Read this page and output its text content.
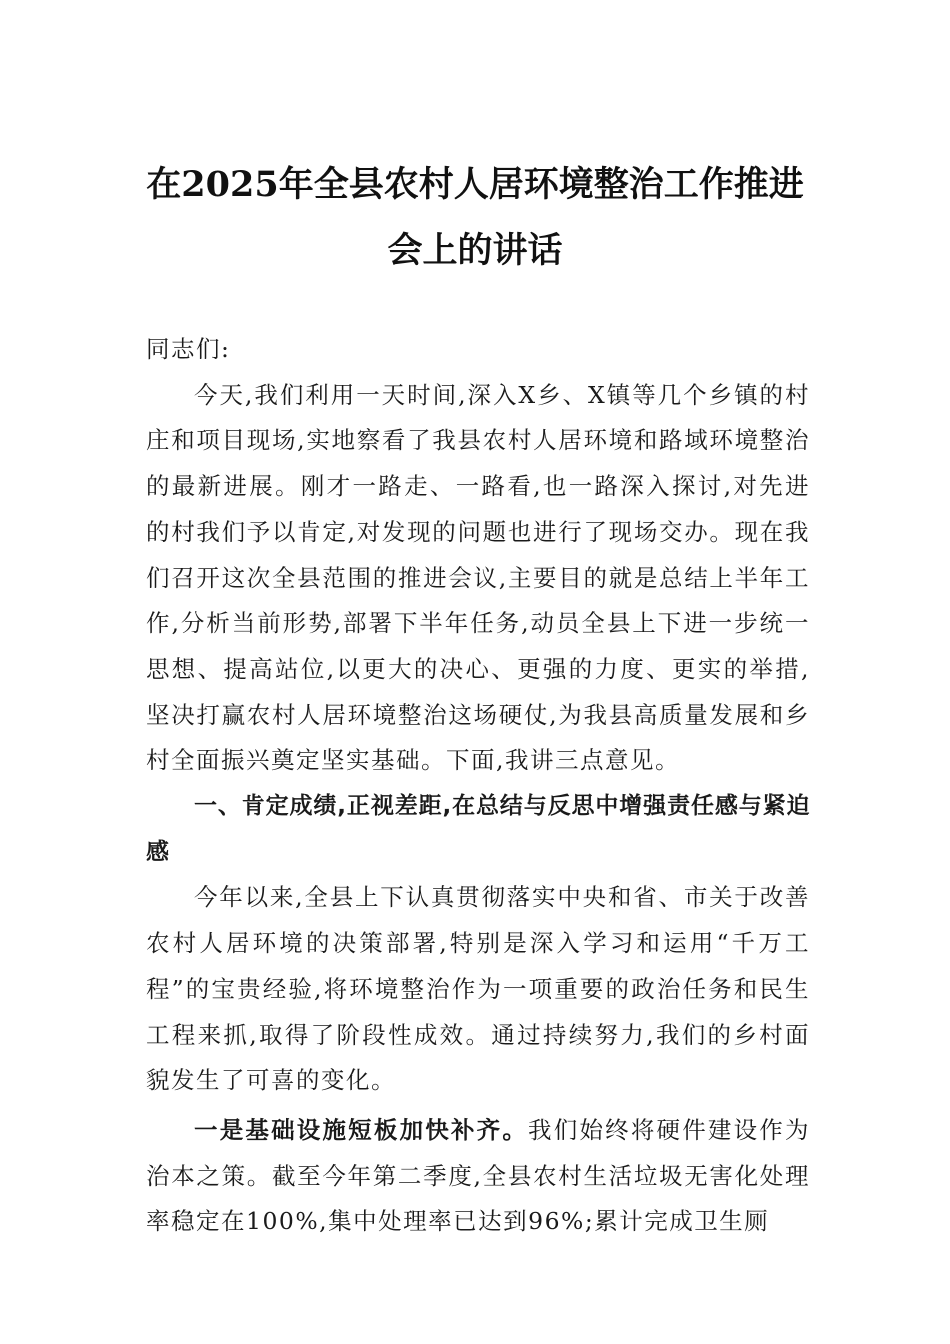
在2025年全县农村人居环境整治工作推进
会上的讲话

同志们:

今天,我们利用一天时间,深入X乡、X镇等几个乡镇的村庄和项目现场,实地察看了我县农村人居环境和路域环境整治的最新进展。刚才一路走、一路看,也一路深入探讨,对先进的村我们予以肯定,对发现的问题也进行了现场交办。现在我们召开这次全县范围的推进会议,主要目的就是总结上半年工作,分析当前形势,部署下半年任务,动员全县上下进一步统一思想、提高站位,以更大的决心、更强的力度、更实的举措,坚决打赢农村人居环境整治这场硬仗,为我县高质量发展和乡村全面振兴奠定坚实基础。下面,我讲三点意见。

一、肯定成绩,正视差距,在总结与反思中增强责任感与紧迫感

今年以来,全县上下认真贯彻落实中央和省、市关于改善农村人居环境的决策部署,特别是深入学习和运用“千万工程”的宝贵经验,将环境整治作为一项重要的政治任务和民生工程来抓,取得了阶段性成效。通过持续努力,我们的乡村面貌发生了可喜的变化。

一是基础设施短板加快补齐。我们始终将硬件建设作为治本之策。截至今年第二季度,全县农村生活垃圾无害化处理率稳定在100%,集中处理率已达到96%;累计完成卫生厕
